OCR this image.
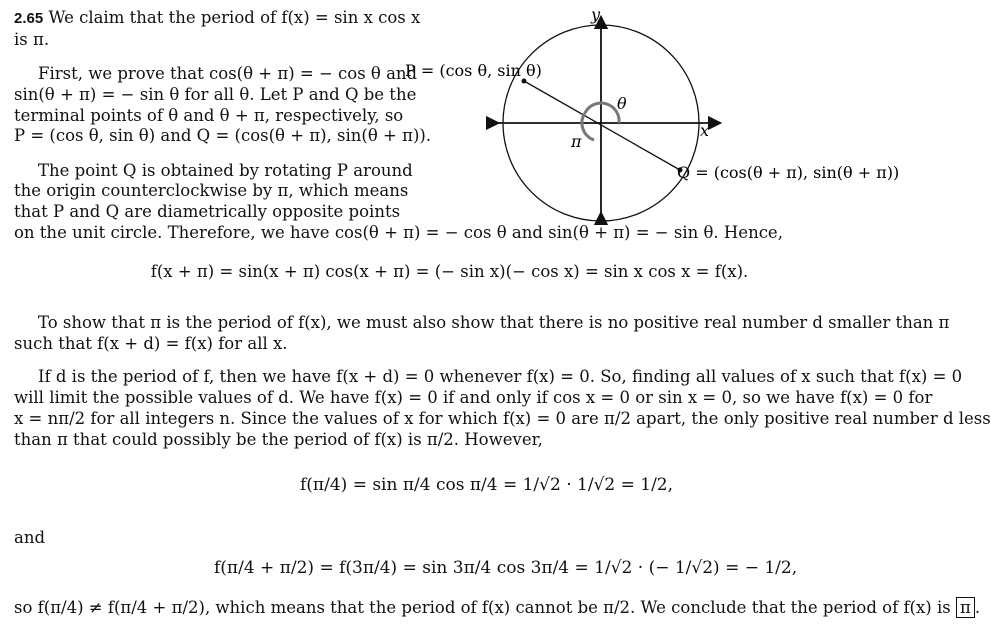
2.65 We claim that the period of f(x) = sin x cos x
is π.
First, we prove that cos(θ + π) = − cos θ and
sin(θ + π) = − sin θ for all θ. Let P and Q be the
terminal points of θ and θ + π, respectively, so
P = (cos θ, sin θ) and Q = (cos(θ + π), sin(θ + π)).
The point Q is obtained by rotating P around
the origin counterclockwise by π, which means
that P and Q are diametrically opposite points
on the unit circle. Therefore, we have cos(θ + π) = − cos θ and sin(θ + π) = − sin θ. Hence,
y
x
θ
π
P = (cos θ, sin θ)
Q = (cos(θ + π), sin(θ + π))
f(x + π) = sin(x + π) cos(x + π) = (− sin x)(− cos x) = sin x cos x = f(x).
To show that π is the period of f(x), we must also show that there is no positive real number d smaller than π
such that f(x + d) = f(x) for all x.
If d is the period of f, then we have f(x + d) = 0 whenever f(x) = 0. So, finding all values of x such that f(x) = 0
will limit the possible values of d. We have f(x) = 0 if and only if cos x = 0 or sin x = 0, so we have f(x) = 0 for
x = nπ/2 for all integers n. Since the values of x for which f(x) = 0 are π/2 apart, the only positive real number d less
than π that could possibly be the period of f(x) is π/2. However,
f(π/4) = sin π/4 cos π/4 = 1/√2 · 1/√2 = 1/2,
and
f(π/4 + π/2) = f(3π/4) = sin 3π/4 cos 3π/4 = 1/√2 · (− 1/√2) = − 1/2,
so f(π/4) ≠ f(π/4 + π/2), which means that the period of f(x) cannot be π/2. We conclude that the period of f(x) is π .
